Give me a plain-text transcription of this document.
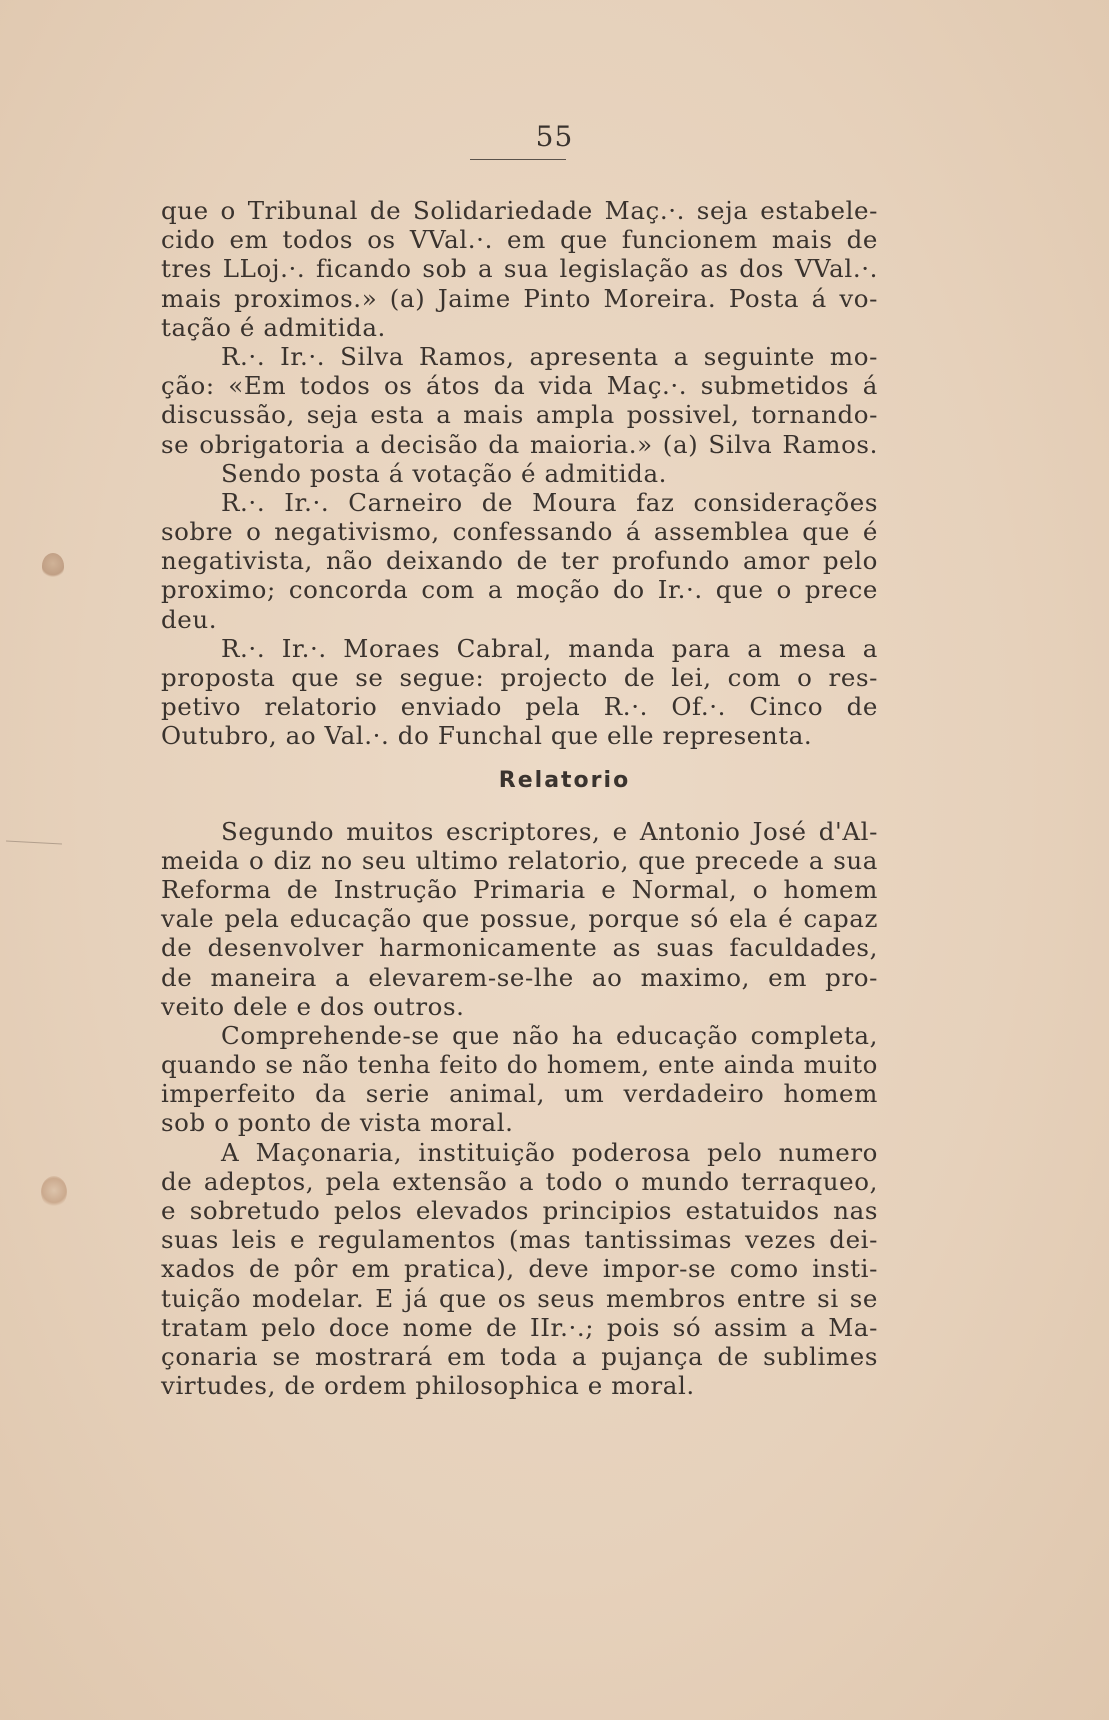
55
que o Tribunal de Solidariedade Maç.·. seja estabele-
cido em todos os VVal.·. em que funcionem mais de
tres LLoj.·. ficando sob a sua legislação as dos VVal.·.
mais proximos.» (a) Jaime Pinto Moreira. Posta á vo-
tação é admitida.
R.·. Ir.·. Silva Ramos, apresenta a seguinte mo-
ção: «Em todos os átos da vida Maç.·. submetidos á
discussão, seja esta a mais ampla possivel, tornando-
se obrigatoria a decisão da maioria.» (a) Silva Ramos.
Sendo posta á votação é admitida.
R.·. Ir.·. Carneiro de Moura faz considerações
sobre o negativismo, confessando á assemblea que é
negativista, não deixando de ter profundo amor pelo
proximo; concorda com a moção do Ir.·. que o prece
deu.
R.·. Ir.·. Moraes Cabral, manda para a mesa a
proposta que se segue: projecto de lei, com o res-
petivo relatorio enviado pela R.·. Of.·. Cinco de
Outubro, ao Val.·. do Funchal que elle representa.
Relatorio
Segundo muitos escriptores, e Antonio José d'Al-
meida o diz no seu ultimo relatorio, que precede a sua
Reforma de Instrução Primaria e Normal, o homem
vale pela educação que possue, porque só ela é capaz
de desenvolver harmonicamente as suas faculdades,
de maneira a elevarem-se-lhe ao maximo, em pro-
veito dele e dos outros.
Comprehende-se que não ha educação completa,
quando se não tenha feito do homem, ente ainda muito
imperfeito da serie animal, um verdadeiro homem
sob o ponto de vista moral.
A Maçonaria, instituição poderosa pelo numero
de adeptos, pela extensão a todo o mundo terraqueo,
e sobretudo pelos elevados principios estatuidos nas
suas leis e regulamentos (mas tantissimas vezes dei-
xados de pôr em pratica), deve impor-se como insti-
tuição modelar. E já que os seus membros entre si se
tratam pelo doce nome de IIr.·.; pois só assim a Ma-
çonaria se mostrará em toda a pujança de sublimes
virtudes, de ordem philosophica e moral.
